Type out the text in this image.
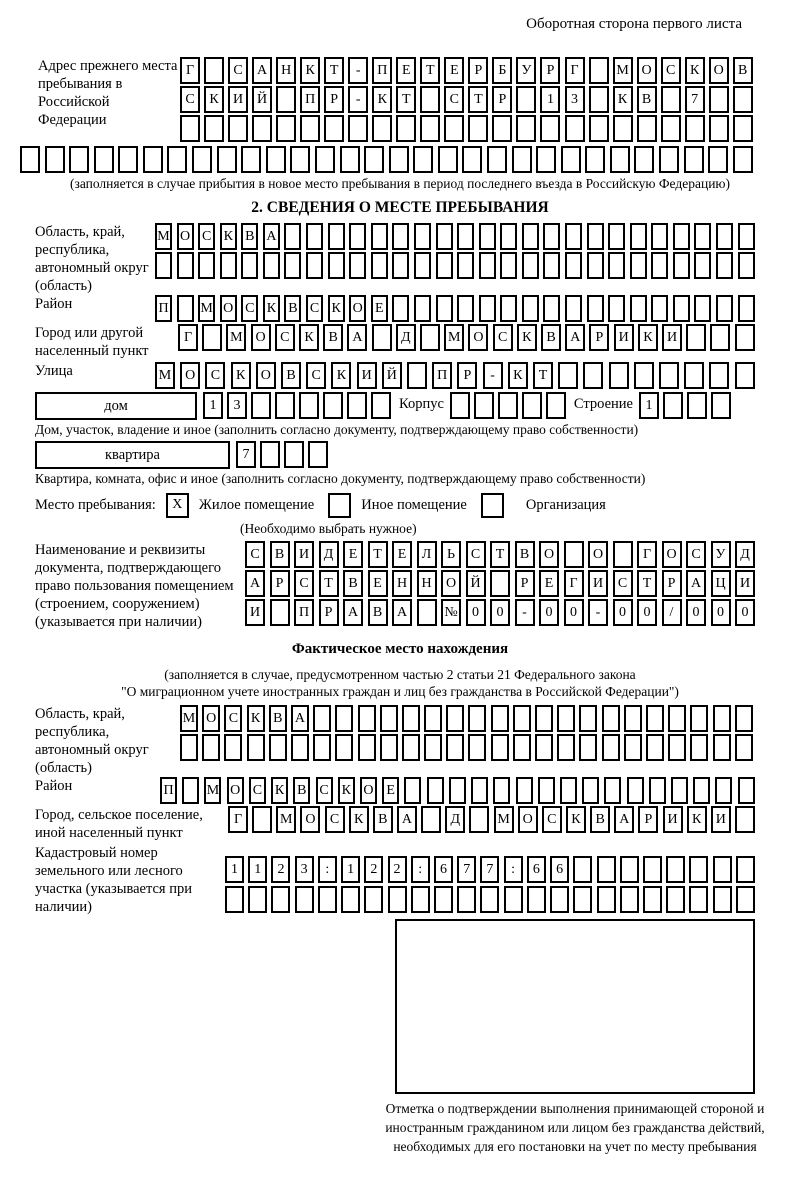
Оборотная сторона первого листа
Адрес прежнего места пребывания в Российской Федерации
Г	С	А Н	К	Т	-	П	Е	Т	Е	Р	Б	У	Р	Г	М О	С	К	О	В
С	К	И Й	П	Р	-	К	Т	С	Т	Р	1	3	К	В	7
(заполняется в случае прибытия в новое место пребывания в период последнего въезда в Российскую Федерацию)
2. СВЕДЕНИЯ О МЕСТЕ ПРЕБЫВАНИЯ
Область, край, республика, автономный округ (область)
М О С К В А
Район	П М О С К В С К О Е
Город или другой населенный пункт
Г	М О	С	К	В	А	Д	М О	С	К	В	А	Р	И	К	И
Улица	М О	С	К	О	В	С	К	И	Й	П	Р	-	К	Т
дом	1	3	Корпус	Строение 1
Дом, участок, владение и иное (заполнить согласно документу, подтверждающему право собственности)
квартира	7
Квартира, комната, офис и иное (заполнить согласно документу, подтверждающему право собственности)
Место пребывания:	X	Жилое помещение	Иное помещение	Организация
(Необходимо выбрать нужное)
Наименование и реквизиты документа, подтверждающего право пользования помещением (строением, сооружением) (указывается при наличии)
С	В	И	Д	Е	Т	Е	Л	Ь	С	Т	В	О	О	Г	О	С	У	Д
А	Р	С	Т	В	Е	Н	Н	О	Й	Р	Е	Г	И	С	Т	Р	А	Ц	И
И	П	Р	А	В	А	№	0	0	-	0	0	-	0	0	/	0	0	0
Фактическое место нахождения
(заполняется в случае, предусмотренном частью 2 статьи 21 Федерального закона
"О миграционном учете иностранных граждан и лиц без гражданства в Российской Федерации")
Область, край, республика, автономный округ (область)
М О С К В А
Район	П М О С К В С К О Е
Город, сельское поселение, иной населенный пункт
Г	М О	С	К	В	А	Д	М О	С	К	В	А	Р	И	К	И
Кадастровый номер земельного или лесного участка (указывается при наличии)
1	1	2	3	:	1	2	2	:	6	7	7	:	6	6
Отметка о подтверждении выполнения принимающей стороной и иностранным гражданином или лицом без гражданства действий, необходимых для его постановки на учет по месту пребывания
